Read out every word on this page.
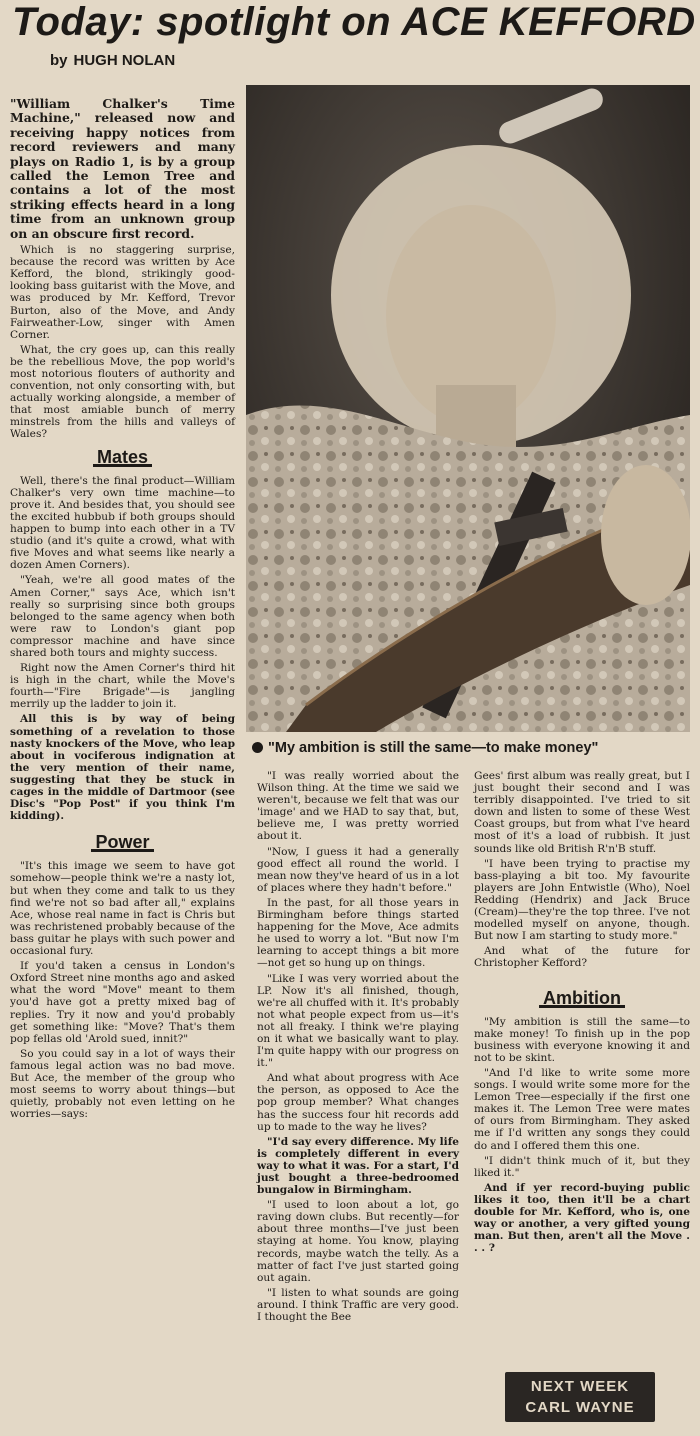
Today: spotlight on ACE KEFFORD
by HUGH NOLAN

"William Chalker's Time Machine," released now and receiving happy notices from record reviewers and many plays on Radio 1, is by a group called the Lemon Tree and contains a lot of the most striking effects heard in a long time from an unknown group on an obscure first record.

Which is no staggering surprise, because the record was written by Ace Kefford, the blond, strikingly good-looking bass guitarist with the Move, and was produced by Mr. Kefford, Trevor Burton, also of the Move, and Andy Fairweather-Low, singer with Amen Corner.

What, the cry goes up, can this really be the rebellious Move, the pop world's most notorious flouters of authority and convention, not only consorting with, but actually working alongside, a member of that most amiable bunch of merry minstrels from the hills and valleys of Wales?

Mates

Well, there's the final product—William Chalker's very own time machine—to prove it. And besides that, you should see the excited hubbub if both groups should happen to bump into each other in a TV studio (and it's quite a crowd, what with five Moves and what seems like nearly a dozen Amen Corners).

"Yeah, we're all good mates of the Amen Corner," says Ace, which isn't really so surprising since both groups belonged to the same agency when both were raw to London's giant pop compressor machine and have since shared both tours and mighty success.

Right now the Amen Corner's third hit is high in the chart, while the Move's fourth—"Fire Brigade"—is jangling merrily up the ladder to join it.

All this is by way of being something of a revelation to those nasty knockers of the Move, who leap about in vociferous indignation at the very mention of their name, suggesting that they be stuck in cages in the middle of Dartmoor (see Disc's "Pop Post" if you think I'm kidding).

Power

"It's this image we seem to have got somehow—people think we're a nasty lot, but when they come and talk to us they find we're not so bad after all," explains Ace, whose real name in fact is Chris but was rechristened probably because of the bass guitar he plays with such power and occasional fury.

If you'd taken a census in London's Oxford Street nine months ago and asked what the word "Move" meant to them you'd have got a pretty mixed bag of replies. Try it now and you'd probably get something like: "Move? That's them pop fellas old 'Arold sued, innit?"

So you could say in a lot of ways their famous legal action was no bad move. But Ace, the member of the group who most seems to worry about things—but quietly, probably not even letting on he worries—says:

"My ambition is still the same—to make money"

"I was really worried about the Wilson thing. At the time we said we weren't, because we felt that was our 'image' and we HAD to say that, but, believe me, I was pretty worried about it.

"Now, I guess it had a generally good effect all round the world. I mean now they've heard of us in a lot of places where they hadn't before."

In the past, for all those years in Birmingham before things started happening for the Move, Ace admits he used to worry a lot. "But now I'm learning to accept things a bit more—not get so hung up on things.

"Like I was very worried about the LP. Now it's all finished, though, we're all chuffed with it. It's probably not what people expect from us—it's not all freaky. I think we're playing on it what we basically want to play. I'm quite happy with our progress on it."

And what about progress with Ace the person, as opposed to Ace the pop group member? What changes has the success four hit records add up to made to the way he lives?

"I'd say every difference. My life is completely different in every way to what it was. For a start, I'd just bought a three-bedroomed bungalow in Birmingham.

"I used to loon about a lot, go raving down clubs. But recently—for about three months—I've just been staying at home. You know, playing records, maybe watch the telly. As a matter of fact I've just started going out again.

"I listen to what sounds are going around. I think Traffic are very good. I thought the Bee

Gees' first album was really great, but I just bought their second and I was terribly disappointed. I've tried to sit down and listen to some of these West Coast groups, but from what I've heard most of it's a load of rubbish. It just sounds like old British R'n'B stuff.

"I have been trying to practise my bass-playing a bit too. My favourite players are John Entwistle (Who), Noel Redding (Hendrix) and Jack Bruce (Cream)—they're the top three. I've not modelled myself on anyone, though. But now I am starting to study more."

And what of the future for Christopher Kefford?

Ambition

"My ambition is still the same—to make money! To finish up in the pop business with everyone knowing it and not to be skint.

"And I'd like to write some more songs. I would write some more for the Lemon Tree—especially if the first one makes it. The Lemon Tree were mates of ours from Birmingham. They asked me if I'd written any songs they could do and I offered them this one.

"I didn't think much of it, but they liked it."

And if yer record-buying public likes it too, then it'll be a chart double for Mr. Kefford, who is, one way or another, a very gifted young man. But then, aren't all the Move . . . ?

NEXT WEEK
CARL WAYNE
